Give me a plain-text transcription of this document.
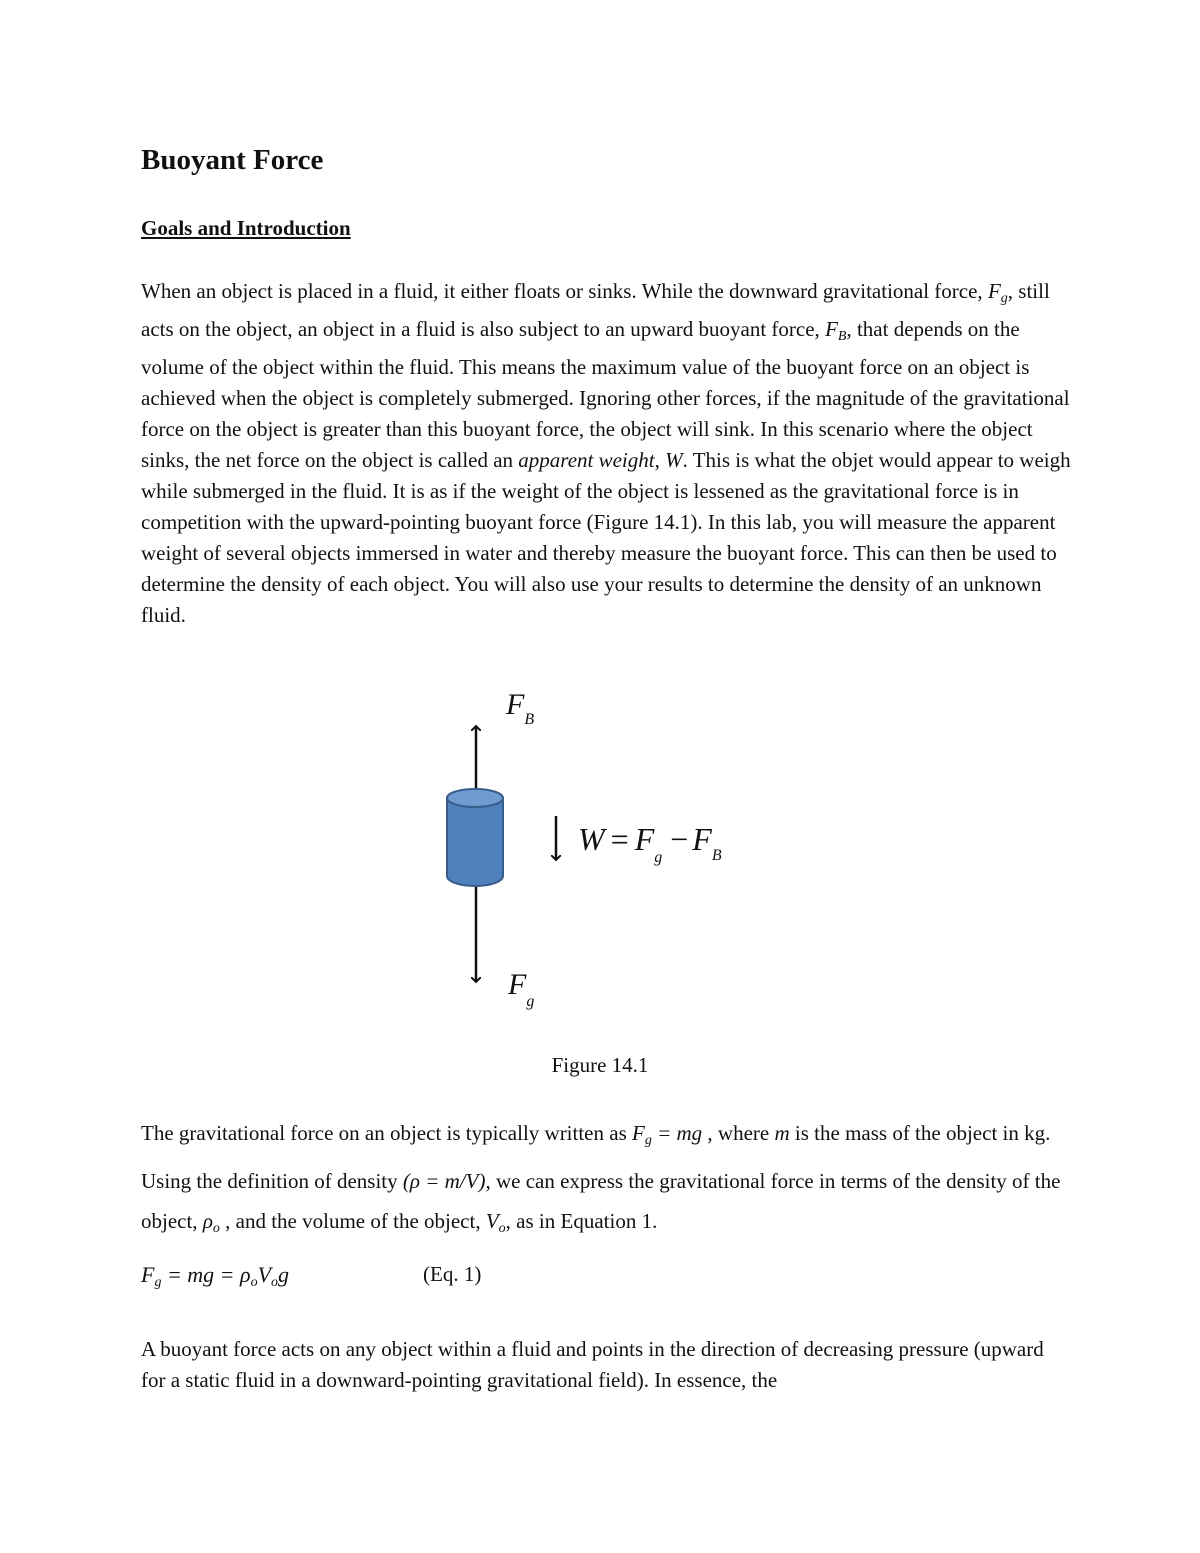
Buoyant Force
Goals and Introduction

When an object is placed in a fluid, it either floats or sinks. While the downward gravitational force, $F_g$, still acts on the object, an object in a fluid is also subject to an upward buoyant force, $F_B$, that depends on the volume of the object within the fluid. This means the maximum value of the buoyant force on an object is achieved when the object is completely submerged. Ignoring other forces, if the magnitude of the gravitational force on the object is greater than this buoyant force, the object will sink. In this scenario where the object sinks, the net force on the object is called an apparent weight, W. This is what the objet would appear to weigh while submerged in the fluid. It is as if the weight of the object is lessened as the gravitational force is in competition with the upward-pointing buoyant force (Figure 14.1). In this lab, you will measure the apparent weight of several objects immersed in water and thereby measure the buoyant force. This can then be used to determine the density of each object. You will also use your results to determine the density of an unknown fluid.

$F_B$
$F_g$
$W = F_g- F_B$

Figure 14.1

The gravitational force on an object is typically written as $F_g$ = mg , where m is the mass of the object in kg. Using the definition of density (ρ = m/V), we can express the gravitational force in terms of the density of the object, $\rho_o$ , and the volume of the object, $V_o$, as in Equation 1.

$F_g$ = mg = $\rho_oV_og$	(Eq. 1)

A buoyant force acts on any object within a fluid and points in the direction of decreasing pressure (upward for a static fluid in a downward-pointing gravitational field). In essence, the
